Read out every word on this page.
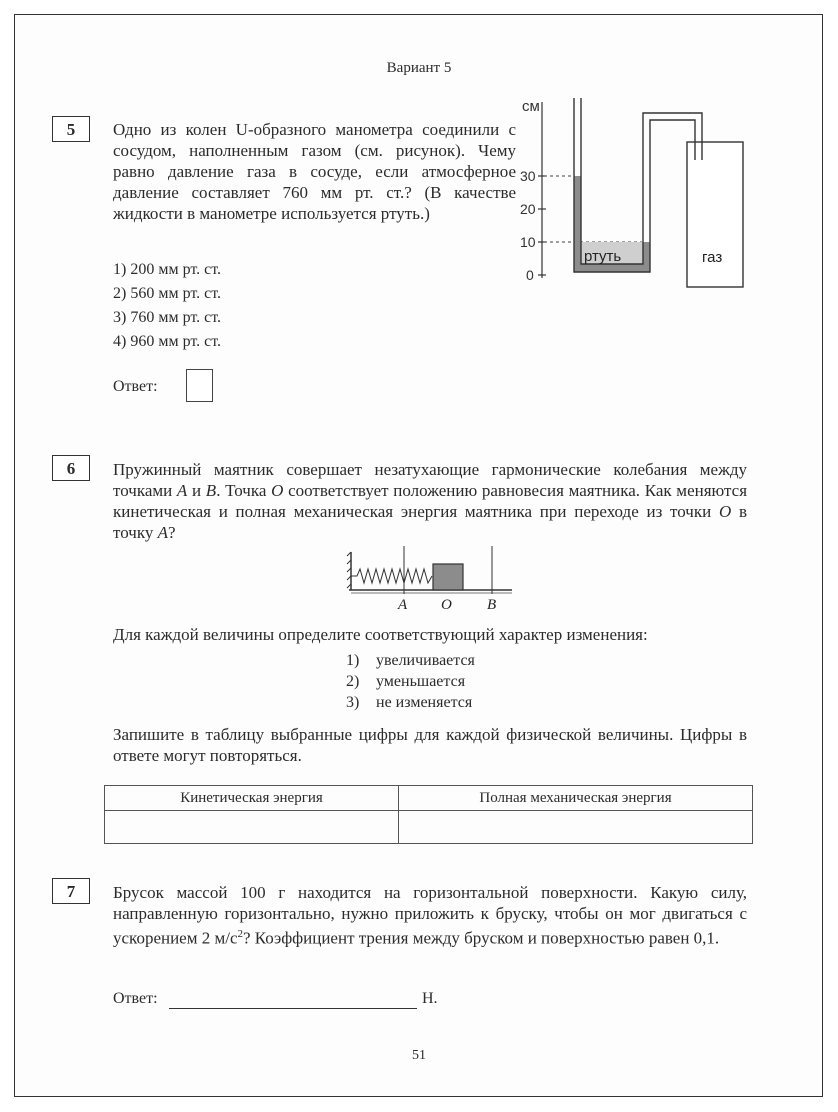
Вариант 5
5	Одно из колен U-образного манометра соединили с сосудом, наполненным газом (см. рисунок). Чему равно давление газа в сосуде, если атмосферное давление составляет 760 мм рт. ст.? (В качестве жидкости в манометре используется ртуть.)
1) 200 мм рт. ст.
2) 560 мм рт. ст.
3) 760 мм рт. ст.
4) 960 мм рт. ст.
Ответ:
см
30
20
10
0
ртуть	газ
6	Пружинный маятник совершает незатухающие гармонические колебания между точками A и B. Точка O соответствует положению равновесия маятника. Как меняются кинетическая и полная механическая энергия маятника при переходе из точки O в точку A?
A O B
Для каждой величины определите соответствующий характер изменения:
1) увеличивается
2) уменьшается
3) не изменяется
Запишите в таблицу выбранные цифры для каждой физической величины. Цифры в ответе могут повторяться.
Кинетическая энергия	Полная механическая энергия

7	Брусок массой 100 г находится на горизонтальной поверхности. Какую силу, направленную горизонтально, нужно приложить к бруску, чтобы он мог двигаться с ускорением 2 $м/с^2$? Коэффициент трения между бруском и поверхностью равен 0,1.
Ответ:	Н.
51
